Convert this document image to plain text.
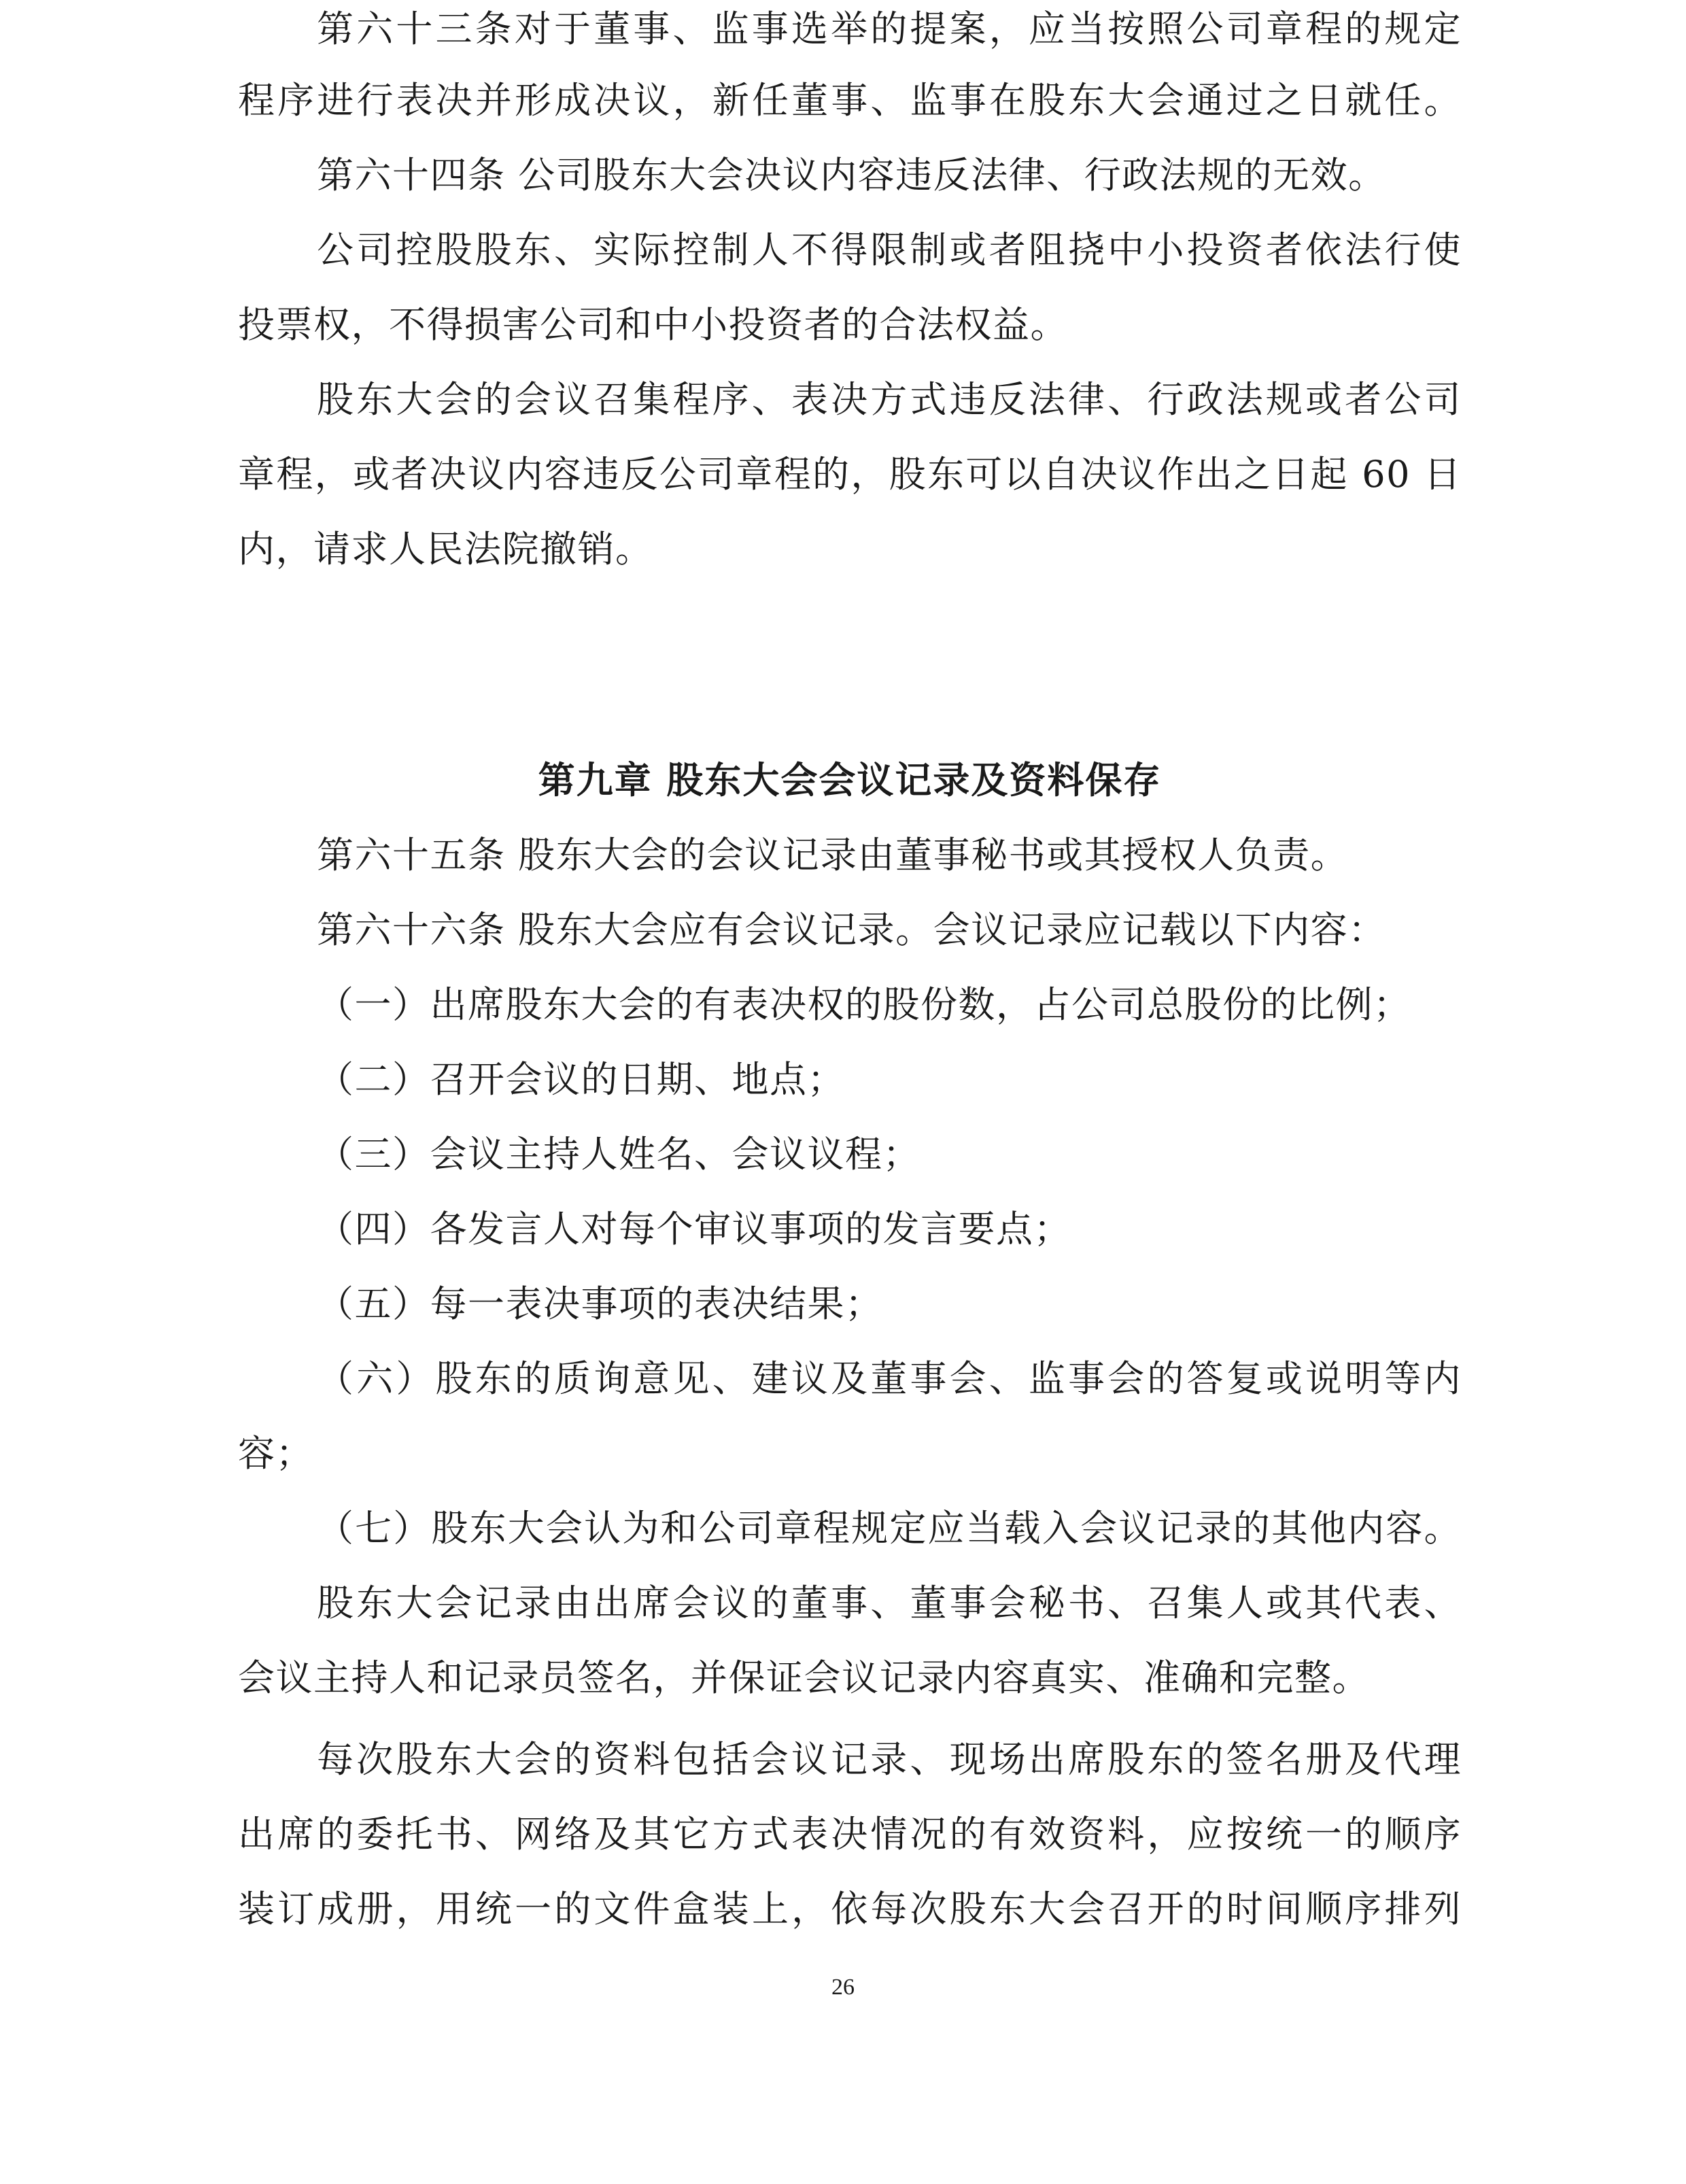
第六十三条对于董事、监事选举的提案，应当按照公司章程的规定
程序进行表决并形成决议，新任董事、监事在股东大会通过之日就任。
第六十四条 公司股东大会决议内容违反法律、行政法规的无效。
公司控股股东、实际控制人不得限制或者阻挠中小投资者依法行使
投票权，不得损害公司和中小投资者的合法权益。
股东大会的会议召集程序、表决方式违反法律、行政法规或者公司
章程，或者决议内容违反公司章程的，股东可以自决议作出之日起 60 日
内，请求人民法院撤销。
第九章 股东大会会议记录及资料保存
第六十五条 股东大会的会议记录由董事秘书或其授权人负责。
第六十六条 股东大会应有会议记录。会议记录应记载以下内容：
（一）出席股东大会的有表决权的股份数，占公司总股份的比例；
（二）召开会议的日期、地点；
（三）会议主持人姓名、会议议程；
（四）各发言人对每个审议事项的发言要点；
（五）每一表决事项的表决结果；
（六）股东的质询意见、建议及董事会、监事会的答复或说明等内
容；
（七）股东大会认为和公司章程规定应当载入会议记录的其他内容。
股东大会记录由出席会议的董事、董事会秘书、召集人或其代表、
会议主持人和记录员签名，并保证会议记录内容真实、准确和完整。
每次股东大会的资料包括会议记录、现场出席股东的签名册及代理
出席的委托书、网络及其它方式表决情况的有效资料，应按统一的顺序
装订成册，用统一的文件盒装上，依每次股东大会召开的时间顺序排列
26
